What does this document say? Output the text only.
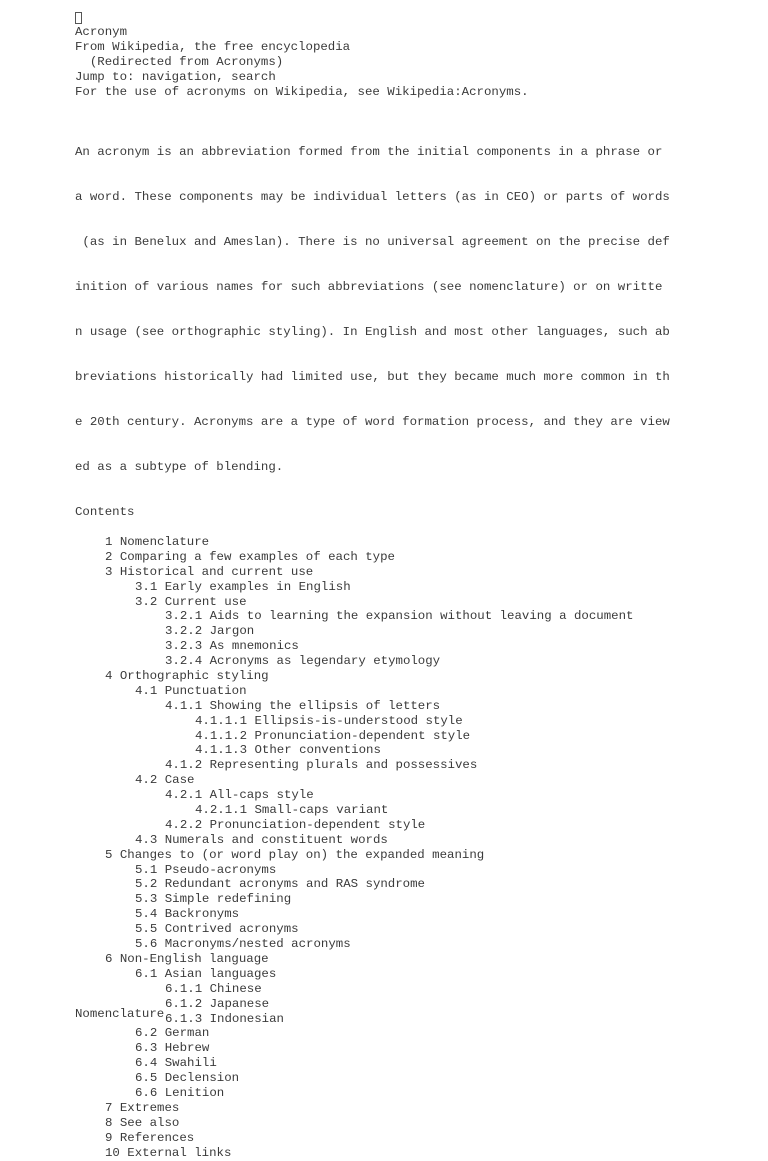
Acronym
From Wikipedia, the free encyclopedia
(Redirected from Acronyms)
Jump to: navigation, search
For the use of acronyms on Wikipedia, see Wikipedia:Acronyms.

An acronym is an abbreviation formed from the initial components in a phrase or

a word. These components may be individual letters (as in CEO) or parts of words

(as in Benelux and Ameslan). There is no universal agreement on the precise def

inition of various names for such abbreviations (see nomenclature) or on writte

n usage (see orthographic styling). In English and most other languages, such ab

breviations historically had limited use, but they became much more common in th

e 20th century. Acronyms are a type of word formation process, and they are view

ed as a subtype of blending.

Contents
1 Nomenclature
2 Comparing a few examples of each type
3 Historical and current use
3.1 Early examples in English
3.2 Current use
3.2.1 Aids to learning the expansion without leaving a document
3.2.2 Jargon
3.2.3 As mnemonics
3.2.4 Acronyms as legendary etymology
4 Orthographic styling
4.1 Punctuation
4.1.1 Showing the ellipsis of letters
4.1.1.1 Ellipsis-is-understood style
4.1.1.2 Pronunciation-dependent style
4.1.1.3 Other conventions
4.1.2 Representing plurals and possessives
4.2 Case
4.2.1 All-caps style
4.2.1.1 Small-caps variant
4.2.2 Pronunciation-dependent style
4.3 Numerals and constituent words
5 Changes to (or word play on) the expanded meaning
5.1 Pseudo-acronyms
5.2 Redundant acronyms and RAS syndrome
5.3 Simple redefining
5.4 Backronyms
5.5 Contrived acronyms
5.6 Macronyms/nested acronyms
6 Non-English language
6.1 Asian languages
6.1.1 Chinese
6.1.2 Japanese
6.1.3 Indonesian
6.2 German
6.3 Hebrew
6.4 Swahili
6.5 Declension
6.6 Lenition
7 Extremes
8 See also
9 References
10 External links
Nomenclature
